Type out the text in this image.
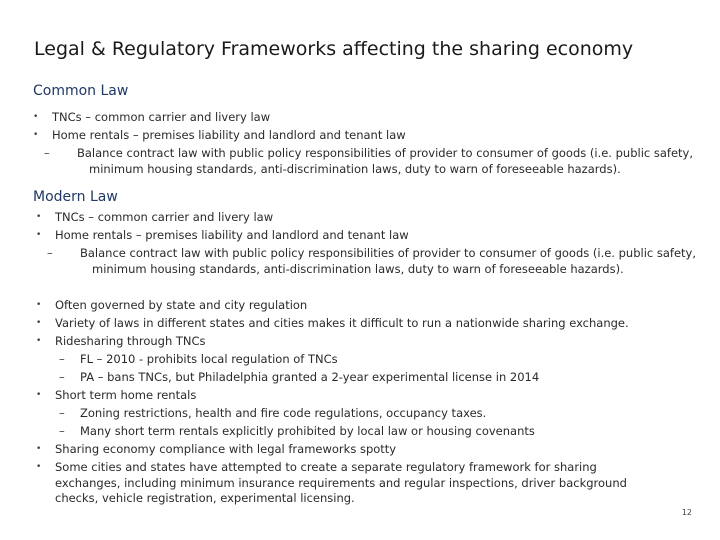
Legal & Regulatory Frameworks affecting the sharing economy
Common Law
• TNCs – common carrier and livery law
• Home rentals – premises liability and landlord and tenant law
– Balance contract law with public policy responsibilities of provider to consumer of goods (i.e. public safety, minimum housing standards, anti-discrimination laws, duty to warn of foreseeable hazards).
Modern Law
• TNCs – common carrier and livery law
• Home rentals – premises liability and landlord and tenant law
– Balance contract law with public policy responsibilities of provider to consumer of goods (i.e. public safety, minimum housing standards, anti-discrimination laws, duty to warn of foreseeable hazards).
• Often governed by state and city regulation
• Variety of laws in different states and cities makes it difficult to run a nationwide sharing exchange.
• Ridesharing through TNCs
– FL – 2010 - prohibits local regulation of TNCs
– PA – bans TNCs, but Philadelphia granted a 2-year experimental license in 2014
• Short term home rentals
– Zoning restrictions, health and fire code regulations, occupancy taxes.
– Many short term rentals explicitly prohibited by local law or housing covenants
• Sharing economy compliance with legal frameworks spotty
• Some cities and states have attempted to create a separate regulatory framework for sharing exchanges, including minimum insurance requirements and regular inspections, driver background checks, vehicle registration, experimental licensing.
12
